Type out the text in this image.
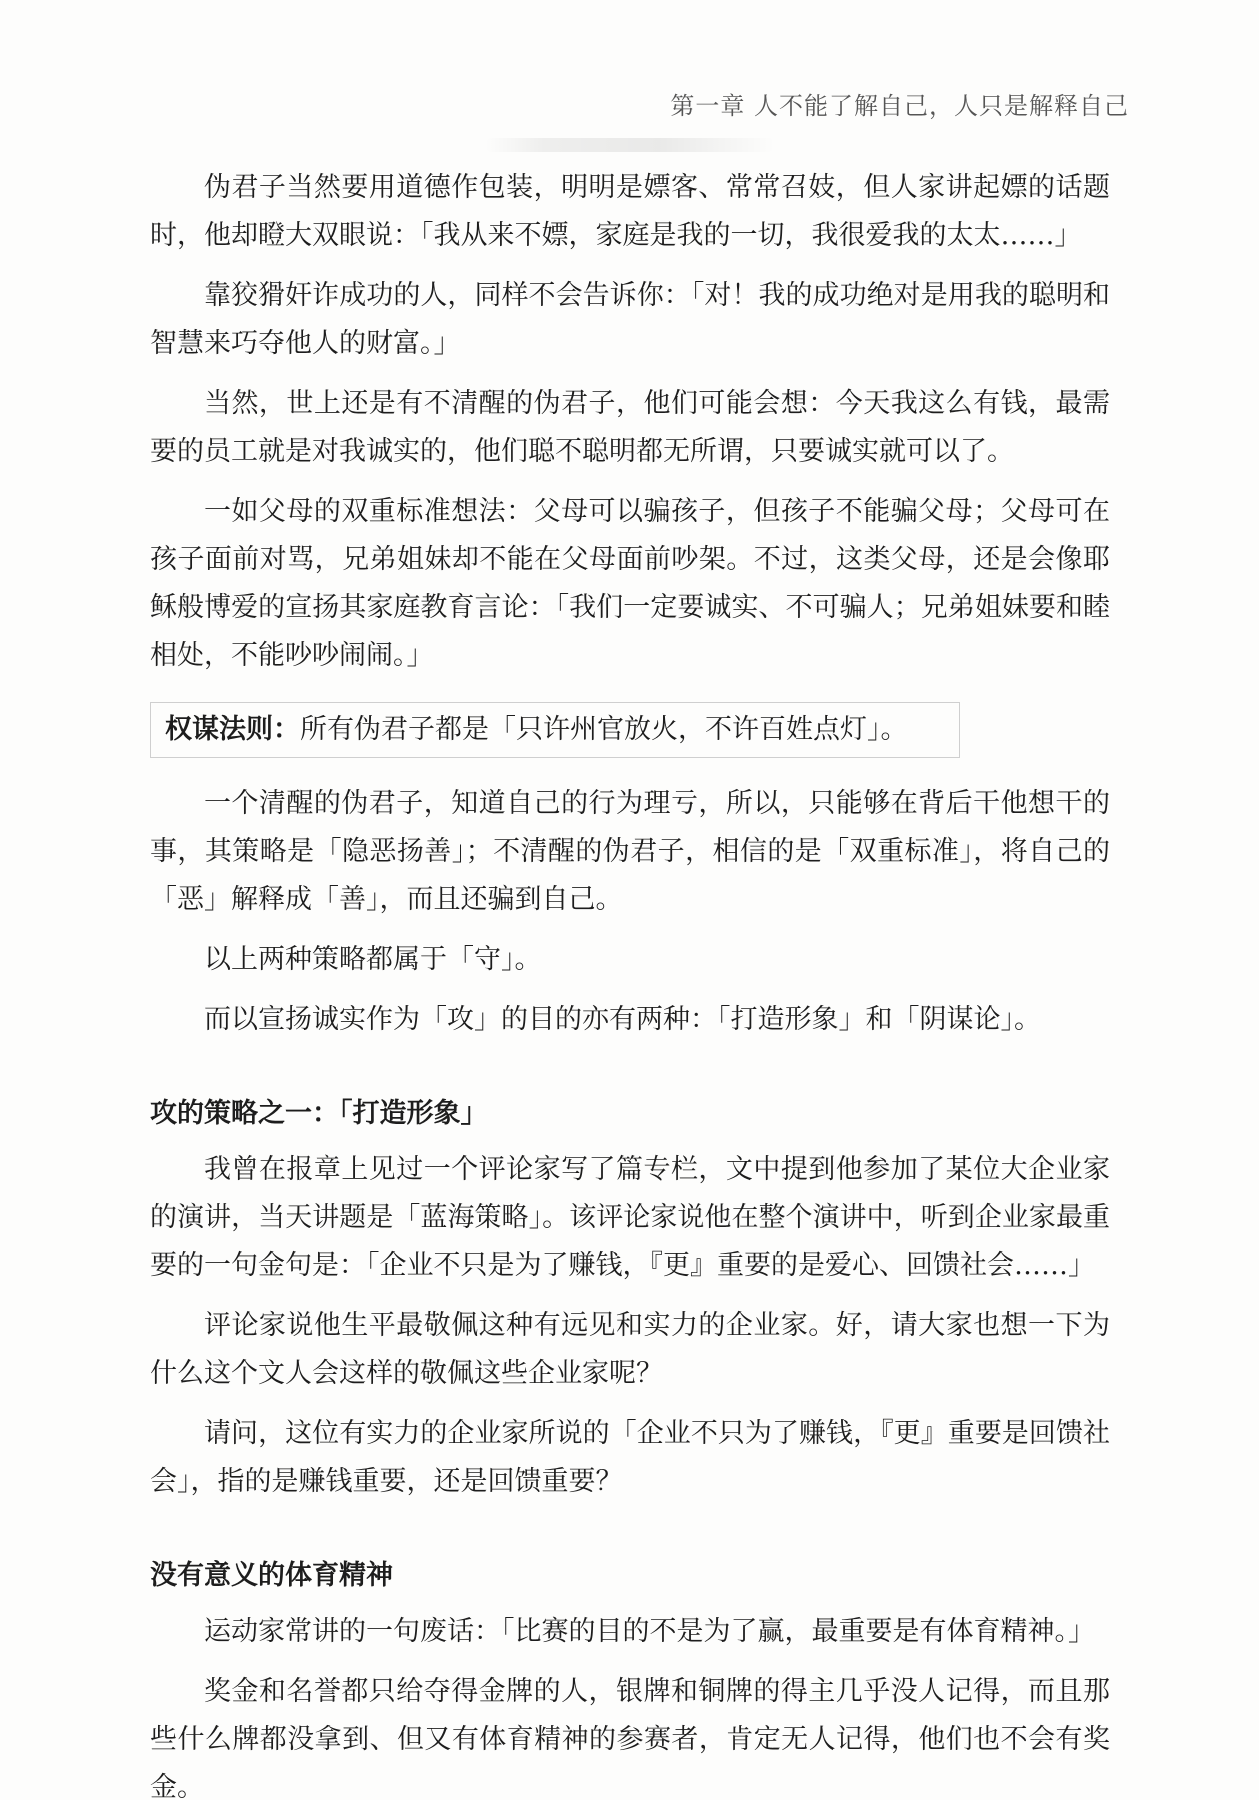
第一章 人不能了解自己，人只是解释自己

伪君子当然要用道德作包装，明明是嫖客、常常召妓，但人家讲起嫖的话题时，他却瞪大双眼说：「我从来不嫖，家庭是我的一切，我很爱我的太太……」

靠狡猾奸诈成功的人，同样不会告诉你：「对！我的成功绝对是用我的聪明和智慧来巧夺他人的财富。」

当然，世上还是有不清醒的伪君子，他们可能会想：今天我这么有钱，最需要的员工就是对我诚实的，他们聪不聪明都无所谓，只要诚实就可以了。

一如父母的双重标准想法：父母可以骗孩子，但孩子不能骗父母；父母可在孩子面前对骂，兄弟姐妹却不能在父母面前吵架。不过，这类父母，还是会像耶稣般博爱的宣扬其家庭教育言论：「我们一定要诚实、不可骗人；兄弟姐妹要和睦相处，不能吵吵闹闹。」

权谋法则：所有伪君子都是「只许州官放火，不许百姓点灯」。

一个清醒的伪君子，知道自己的行为理亏，所以，只能够在背后干他想干的事，其策略是「隐恶扬善」；不清醒的伪君子，相信的是「双重标准」，将自己的「恶」解释成「善」，而且还骗到自己。

以上两种策略都属于「守」。

而以宣扬诚实作为「攻」的目的亦有两种：「打造形象」和「阴谋论」。

攻的策略之一：「打造形象」

我曾在报章上见过一个评论家写了篇专栏，文中提到他参加了某位大企业家的演讲，当天讲题是「蓝海策略」。该评论家说他在整个演讲中，听到企业家最重要的一句金句是：「企业不只是为了赚钱，『更』重要的是爱心、回馈社会……」

评论家说他生平最敬佩这种有远见和实力的企业家。好，请大家也想一下为什么这个文人会这样的敬佩这些企业家呢？

请问，这位有实力的企业家所说的「企业不只为了赚钱，『更』重要是回馈社会」，指的是赚钱重要，还是回馈重要？

没有意义的体育精神

运动家常讲的一句废话：「比赛的目的不是为了赢，最重要是有体育精神。」

奖金和名誉都只给夺得金牌的人，银牌和铜牌的得主几乎没人记得，而且那些什么牌都没拿到、但又有体育精神的参赛者，肯定无人记得，他们也不会有奖金。
